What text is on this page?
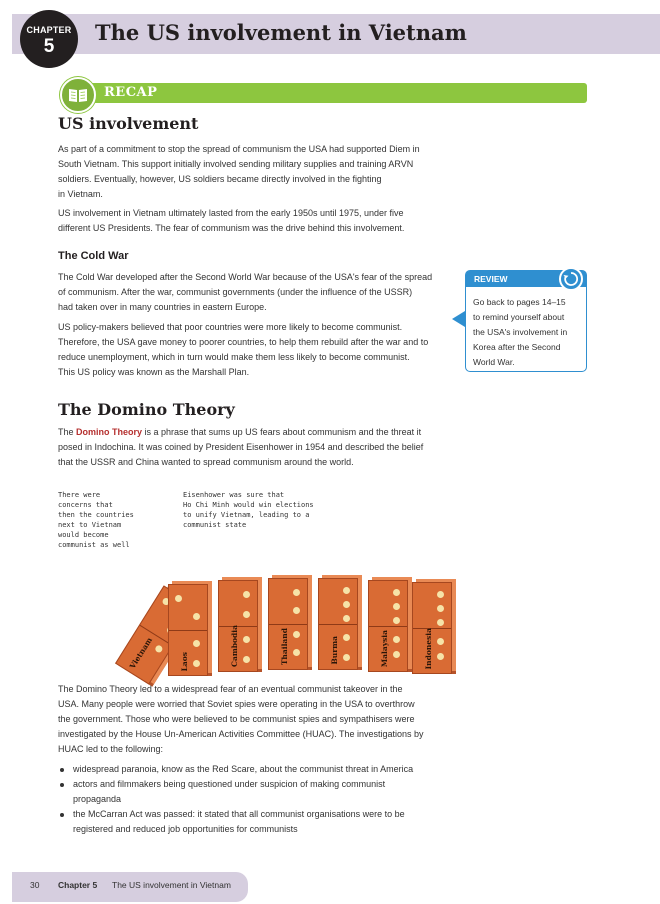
CHAPTER
5
The US involvement in Vietnam
RECAP
US involvement

As part of a commitment to stop the spread of communism the USA had supported Diem in
South Vietnam. This support initially involved sending military supplies and training ARVN
soldiers. Eventually, however, US soldiers became directly involved in the fighting
in Vietnam.

US involvement in Vietnam ultimately lasted from the early 1950s until 1975, under five
different US Presidents. The fear of communism was the drive behind this involvement.

The Cold War

The Cold War developed after the Second World War because of the USA's fear of the spread
of communism. After the war, communist governments (under the influence of the USSR)
had taken over in many countries in eastern Europe.

US policy-makers believed that poor countries were more likely to become communist.
Therefore, the USA gave money to poorer countries, to help them rebuild after the war and to
reduce unemployment, which in turn would make them less likely to become communist.
This US policy was known as the Marshall Plan.

REVIEW
Go back to pages 14–15
to remind yourself about
the USA's involvement in
Korea after the Second
World War.
The Domino Theory

The Domino Theory is a phrase that sums up US fears about communism and the threat it
posed in Indochina. It was coined by President Eisenhower in 1954 and described the belief
that the USSR and China wanted to spread communism around the world.

There were
concerns that
then the countries
next to Vietnam
would become
communist as well

Eisenhower was sure that
Ho Chi Minh would win elections
to unify Vietnam, leading to a
communist state

Vietnam	Laos	Cambodia	Thailand	Burma	Malaysia	Indonesia

The Domino Theory led to a widespread fear of an eventual communist takeover in the
USA. Many people were worried that Soviet spies were operating in the USA to overthrow
the government. Those who were believed to be communist spies and sympathisers were
investigated by the House Un-American Activities Committee (HUAC). The investigations by
HUAC led to the following:

widespread paranoia, know as the Red Scare, about the communist threat in America
actors and filmmakers being questioned under suspicion of making communist
propaganda
the McCarran Act was passed: it stated that all communist organisations were to be
registered and reduced job opportunities for communists
30 Chapter 5 The US involvement in Vietnam
